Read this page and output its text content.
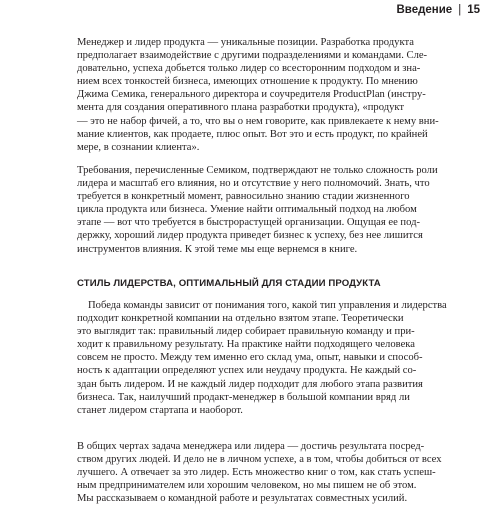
Введение | 15
Менеджер и лидер продукта — уникальные позиции. Разработка продукта
предполагает взаимодействие с другими подразделениями и командами. Сле-
довательно, успеха добьется только лидер со всесторонним подходом и зна-
нием всех тонкостей бизнеса, имеющих отношение к продукту. По мнению
Джима Семика, генерального директора и соучредителя ProductPlan (инстру-
мента для создания оперативного плана разработки продукта), «продукт
— это не набор фичей, а то, что вы о нем говорите, как привлекаете к нему вни-
мание клиентов, как продаете, плюс опыт. Вот это и есть продукт, по крайней
мере, в сознании клиента».
Требования, перечисленные Семиком, подтверждают не только сложность роли
лидера и масштаб его влияния, но и отсутствие у него полномочий. Знать, что
требуется в конкретный момент, равносильно знанию стадии жизненного
цикла продукта или бизнеса. Умение найти оптимальный подход на любом
этапе — вот что требуется в быстрорастущей организации. Ощущая ее под-
держку, хороший лидер продукта приведет бизнес к успеху, без нее лишится
инструментов влияния. К этой теме мы еще вернемся в книге.
СТИЛЬ ЛИДЕРСТВА, ОПТИМАЛЬНЫЙ ДЛЯ СТАДИИ ПРОДУКТА
Победа команды зависит от понимания того, какой тип управления и лидерства
подходит конкретной компании на отдельно взятом этапе. Теоретически
это выглядит так: правильный лидер собирает правильную команду и при-
ходит к правильному результату. На практике найти подходящего человека
совсем не просто. Между тем именно его склад ума, опыт, навыки и способ-
ность к адаптации определяют успех или неудачу продукта. Не каждый со-
здан быть лидером. И не каждый лидер подходит для любого этапа развития
бизнеса. Так, наилучший продакт-менеджер в большой компании вряд ли
станет лидером стартапа и наоборот.
В общих чертах задача менеджера или лидера — достичь результата посред-
ством других людей. И дело не в личном успехе, а в том, чтобы добиться от всех
лучшего. А отвечает за это лидер. Есть множество книг о том, как стать успеш-
ным предпринимателем или хорошим человеком, но мы пишем не об этом.
Мы рассказываем о командной работе и результатах совместных усилий.
